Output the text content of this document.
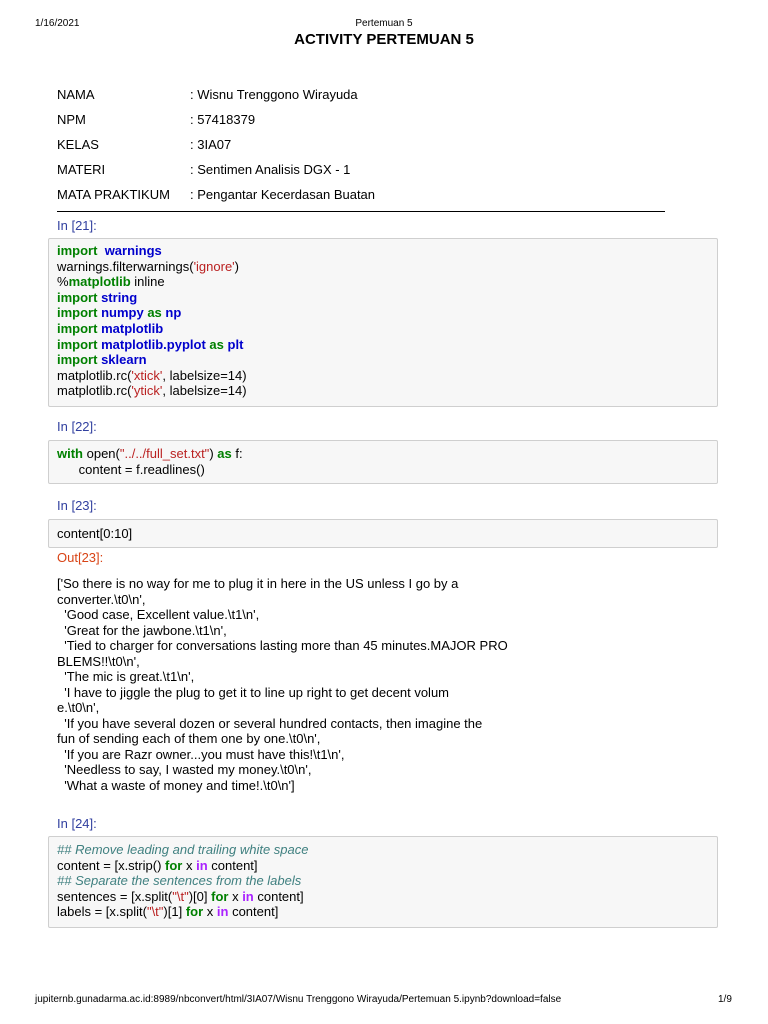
1/16/2021	Pertemuan 5
ACTIVITY PERTEMUAN 5
NAMA	: Wisnu Trenggono Wirayuda
NPM	: 57418379
KELAS	: 3IA07
MATERI	: Sentimen Analisis DGX - 1
MATA PRAKTIKUM : Pengantar Kecerdasan Buatan
In [21]:
import warnings
warnings.filterwarnings('ignore')
%matplotlib inline
import string
import numpy as np
import matplotlib
import matplotlib.pyplot as plt
import sklearn
matplotlib.rc('xtick', labelsize=14)
matplotlib.rc('ytick', labelsize=14)
In [22]:
with open("../../full_set.txt") as f:
content = f.readlines()
In [23]:
content[0:10]
Out[23]:
['So there is no way for me to plug it in here in the US unless I go by a
converter.\t0\n',
'Good case, Excellent value.\t1\n',
'Great for the jawbone.\t1\n',
'Tied to charger for conversations lasting more than 45 minutes.MAJOR PRO
BLEMS!!\t0\n',
'The mic is great.\t1\n',
'I have to jiggle the plug to get it to line up right to get decent volum
e.\t0\n',
'If you have several dozen or several hundred contacts, then imagine the
fun of sending each of them one by one.\t0\n',
'If you are Razr owner...you must have this!\t1\n',
'Needless to say, I wasted my money.\t0\n',
'What a waste of money and time!.\t0\n']
In [24]:
## Remove leading and trailing white space
content = [x.strip() for x in content]
## Separate the sentences from the labels
sentences = [x.split("\t")[0] for x in content]
labels = [x.split("\t")[1] for x in content]
jupiternb.gunadarma.ac.id:8989/nbconvert/html/3IA07/Wisnu Trenggono Wirayuda/Pertemuan 5.ipynb?download=false	1/9
